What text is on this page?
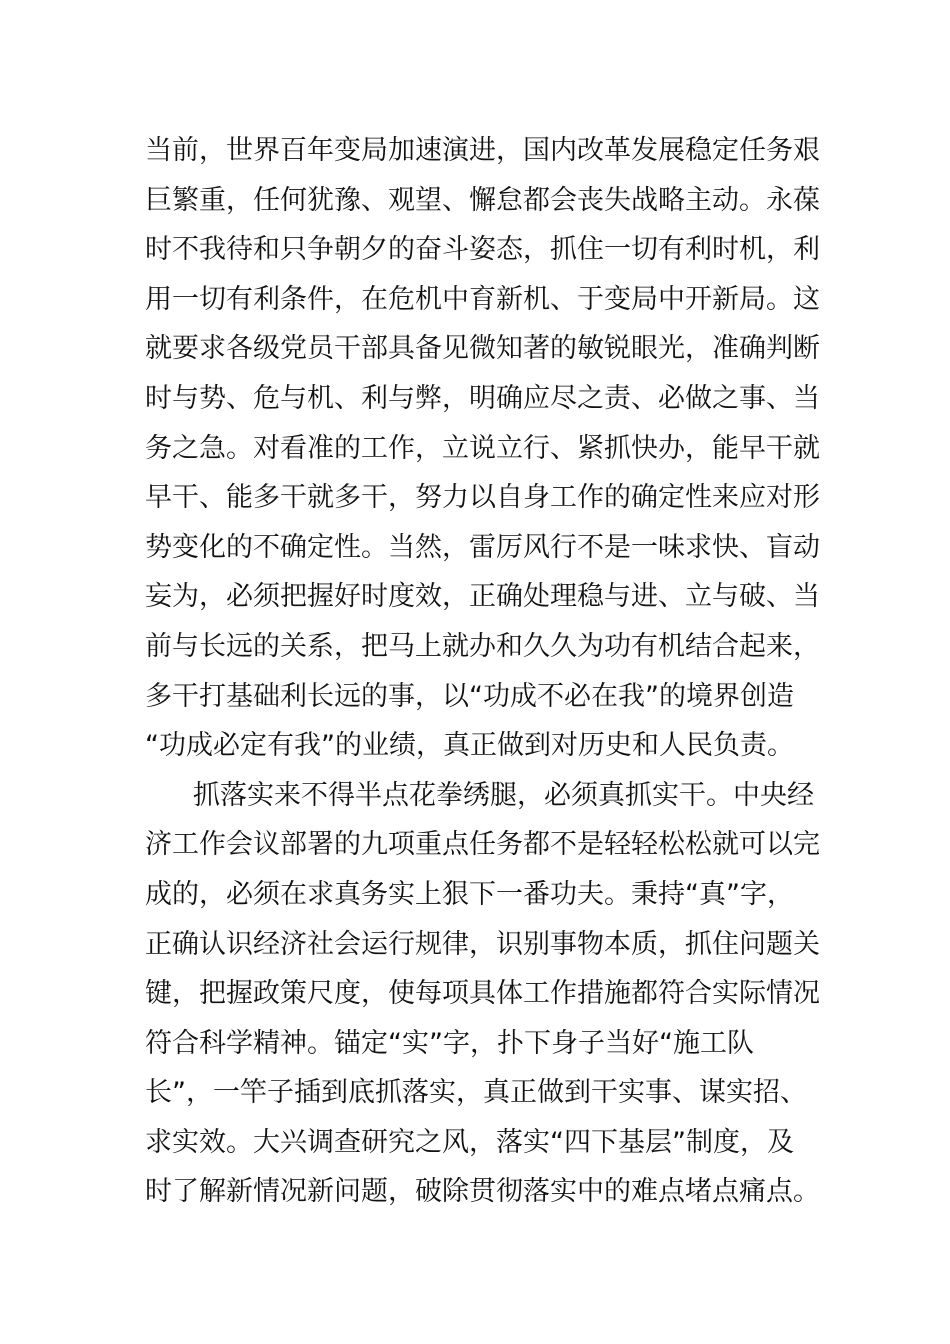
当前，世界百年变局加速演进，国内改革发展稳定任务艰
巨繁重，任何犹豫、观望、懈怠都会丧失战略主动。永葆
时不我待和只争朝夕的奋斗姿态，抓住一切有利时机，利
用一切有利条件，在危机中育新机、于变局中开新局。这
就要求各级党员干部具备见微知著的敏锐眼光，准确判断
时与势、危与机、利与弊，明确应尽之责、必做之事、当
务之急。对看准的工作，立说立行、紧抓快办，能早干就
早干、能多干就多干，努力以自身工作的确定性来应对形
势变化的不确定性。当然，雷厉风行不是一味求快、盲动
妄为，必须把握好时度效，正确处理稳与进、立与破、当
前与长远的关系，把马上就办和久久为功有机结合起来，
多干打基础利长远的事，以“功成不必在我”的境界创造
“功成必定有我”的业绩，真正做到对历史和人民负责。
抓落实来不得半点花拳绣腿，必须真抓实干。中央经
济工作会议部署的九项重点任务都不是轻轻松松就可以完
成的，必须在求真务实上狠下一番功夫。秉持“真”字，
正确认识经济社会运行规律，识别事物本质，抓住问题关
键，把握政策尺度，使每项具体工作措施都符合实际情况
符合科学精神。锚定“实”字，扑下身子当好“施工队
长”，一竿子插到底抓落实，真正做到干实事、谋实招、
求实效。大兴调查研究之风，落实“四下基层”制度，及
时了解新情况新问题，破除贯彻落实中的难点堵点痛点。
